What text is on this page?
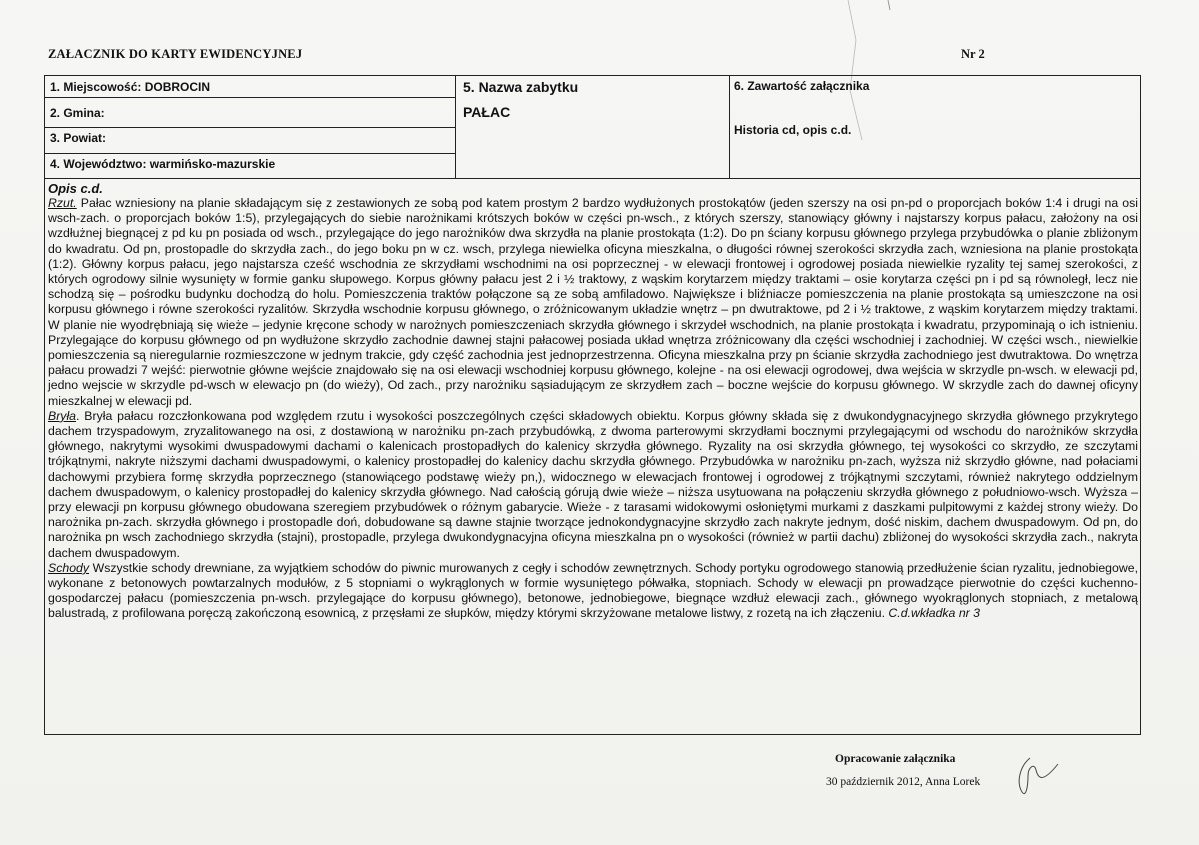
ZAŁACZNIK DO KARTY EWIDENCYJNEJ	Nr 2
1. Miejscowość: DOBROCIN
2. Gmina:
3. Powiat:
4. Województwo: warmińsko-mazurskie
5. Nazwa zabytku
PAŁAC
6. Zawartość załącznika
Historia cd, opis c.d.
Opis c.d.

Rzut. Pałac wzniesiony na planie składającym się z zestawionych ze sobą pod katem prostym 2 bardzo wydłużonych prostokątów (jeden szerszy na osi pn-pd o proporcjach boków 1:4 i drugi na osi wsch-zach. o proporcjach boków 1:5), przylegających do siebie narożnikami krótszych boków w części pn-wsch., z których szerszy, stanowiący główny i najstarszy korpus pałacu, założony na osi wzdłużnej biegnącej z pd ku pn posiada od wsch., przylegające do jego narożników dwa skrzydła na planie prostokąta (1:2). Do pn ściany korpusu głównego przylega przybudówka o planie zbliżonym do kwadratu. Od pn, prostopadle do skrzydła zach., do jego boku pn w cz. wsch, przylega niewielka oficyna mieszkalna, o długości równej szerokości skrzydła zach, wzniesiona na planie prostokąta (1:2). Główny korpus pałacu, jego najstarsza cześć wschodnia ze skrzydłami wschodnimi na osi poprzecznej - w elewacji frontowej i ogrodowej posiada niewielkie ryzality tej samej szerokości, z których ogrodowy silnie wysunięty w formie ganku słupowego. Korpus główny pałacu jest 2 i ½ traktowy, z wąskim korytarzem między traktami – osie korytarza części pn i pd są równoległ, lecz nie schodzą się – pośrodku budynku dochodzą do holu. Pomieszczenia traktów połączone są ze sobą amfiladowo. Największe i bliźniacze pomieszczenia na planie prostokąta są umieszczone na osi korpusu głównego i równe szerokości ryzalitów. Skrzydła wschodnie korpusu głównego, o zróżnicowanym układzie wnętrz – pn dwutraktowe, pd 2 i ½ traktowe, z wąskim korytarzem między traktami. W planie nie wyodrębniają się wieże – jedynie kręcone schody w narożnych pomieszczeniach skrzydła głównego i skrzydeł wschodnich, na planie prostokąta i kwadratu, przypominają o ich istnieniu. Przylegające do korpusu głównego od pn wydłużone skrzydło zachodnie dawnej stajni pałacowej posiada układ wnętrza zróżnicowany dla części wschodniej i zachodniej. W części wsch., niewielkie pomieszczenia są nieregularnie rozmieszczone w jednym trakcie, gdy część zachodnia jest jednoprzestrzenna. Oficyna mieszkalna przy pn ścianie skrzydła zachodniego jest dwutraktowa. Do wnętrza pałacu prowadzi 7 wejść: pierwotnie główne wejście znajdowało się na osi elewacji wschodniej korpusu głównego, kolejne - na osi elewacji ogrodowej, dwa wejścia w skrzydle pn-wsch. w elewacji pd, jedno wejscie w skrzydle pd-wsch w elewacjo pn (do wieży), Od zach., przy narożniku sąsiadującym ze skrzydłem zach – boczne wejście do korpusu głównego. W skrzydle zach do dawnej oficyny mieszkalnej w elewacji pd.

Bryła. Bryła pałacu rozczłonkowana pod względem rzutu i wysokości poszczególnych części składowych obiektu. Korpus główny składa się z dwukondygnacyjnego skrzydła głównego przykrytego dachem trzyspadowym, zryzalitowanego na osi, z dostawioną w narożniku pn-zach przybudówką, z dwoma parterowymi skrzydłami bocznymi przylegającymi od wschodu do narożników skrzydła głównego, nakrytymi wysokimi dwuspadowymi dachami o kalenicach prostopadłych do kalenicy skrzydła głównego. Ryzality na osi skrzydła głównego, tej wysokości co skrzydło, ze szczytami trójkątnymi, nakryte niższymi dachami dwuspadowymi, o kalenicy prostopadłej do kalenicy dachu skrzydła głównego. Przybudówka w narożniku pn-zach, wyższa niż skrzydło główne, nad połaciami dachowymi przybiera formę skrzydła poprzecznego (stanowiącego podstawę wieży pn,), widocznego w elewacjach frontowej i ogrodowej z trójkątnymi szczytami, również nakrytego oddzielnym dachem dwuspadowym, o kalenicy prostopadłej do kalenicy skrzydła głównego. Nad całością górują dwie wieże – niższa usytuowana na połączeniu skrzydła głównego z południowo-wsch. Wyższa – przy elewacji pn korpusu głównego obudowana szeregiem przybudówek o różnym gabarycie. Wieże - z tarasami widokowymi osłoniętymi murkami z daszkami pulpitowymi z każdej strony wieży. Do narożnika pn-zach. skrzydła głównego i prostopadle doń, dobudowane są dawne stajnie tworzące jednokondygnacyjne skrzydło zach nakryte jednym, dość niskim, dachem dwuspadowym. Od pn, do narożnika pn wsch zachodniego skrzydła (stajni), prostopadle, przylega dwukondygnacyjna oficyna mieszkalna pn o wysokości (również w partii dachu) zbliżonej do wysokości skrzydła zach., nakryta dachem dwuspadowym.

Schody Wszystkie schody drewniane, za wyjątkiem schodów do piwnic murowanych z cegły i schodów zewnętrznych. Schody portyku ogrodowego stanowią przedłużenie ścian ryzalitu, jednobiegowe, wykonane z betonowych powtarzalnych modułów, z 5 stopniami o wykrąglonych w formie wysuniętego półwałka, stopniach. Schody w elewacji pn prowadzące pierwotnie do części kuchenno-gospodarczej pałacu (pomieszczenia pn-wsch. przylegające do korpusu głównego), betonowe, jednobiegowe, biegnące wzdłuż elewacji zach., głównego wyokrąglonych stopniach, z metalową balustradą, z profilowana poręczą zakończoną esownicą, z przęsłami ze słupków, między którymi skrzyżowane metalowe listwy, z rozetą na ich złączeniu. C.d.wkładka nr 3

Opracowanie załącznika
30 październik 2012, Anna Lorek
